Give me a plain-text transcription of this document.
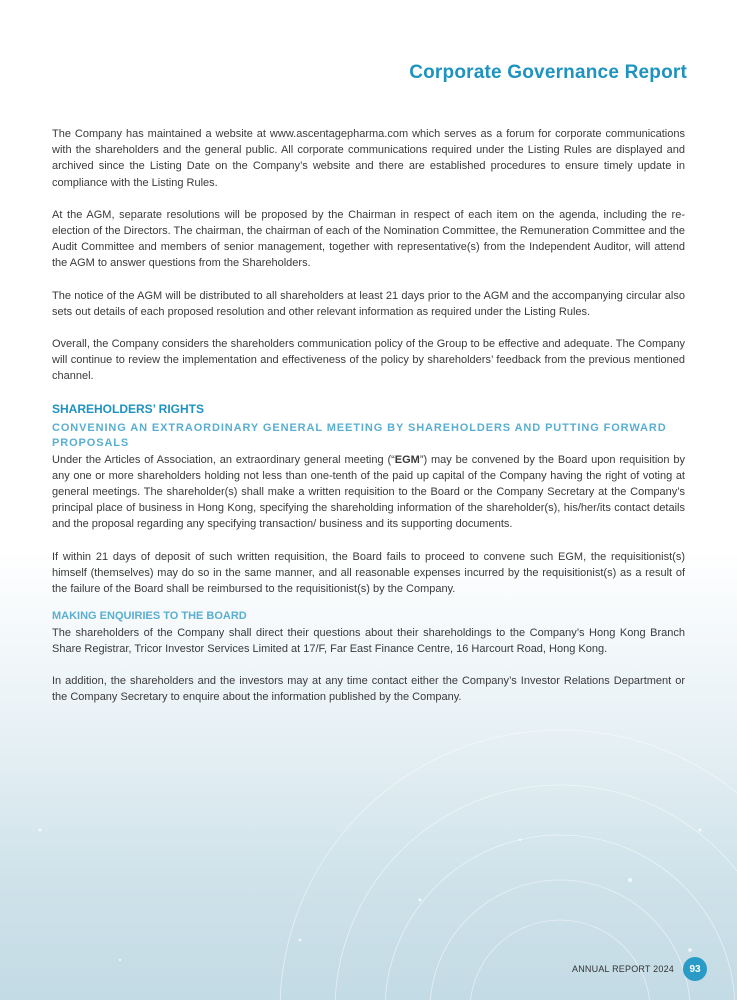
Corporate Governance Report

The Company has maintained a website at www.ascentagepharma.com which serves as a forum for corporate communications with the shareholders and the general public. All corporate communications required under the Listing Rules are displayed and archived since the Listing Date on the Company’s website and there are established procedures to ensure timely update in compliance with the Listing Rules.

At the AGM, separate resolutions will be proposed by the Chairman in respect of each item on the agenda, including the re-election of the Directors. The chairman, the chairman of each of the Nomination Committee, the Remuneration Committee and the Audit Committee and members of senior management, together with representative(s) from the Independent Auditor, will attend the AGM to answer questions from the Shareholders.

The notice of the AGM will be distributed to all shareholders at least 21 days prior to the AGM and the accompanying circular also sets out details of each proposed resolution and other relevant information as required under the Listing Rules.

Overall, the Company considers the shareholders communication policy of the Group to be effective and adequate. The Company will continue to review the implementation and effectiveness of the policy by shareholders’ feedback from the previous mentioned channel.

SHAREHOLDERS’ RIGHTS

CONVENING AN EXTRAORDINARY GENERAL MEETING BY SHAREHOLDERS AND PUTTING FORWARD PROPOSALS

Under the Articles of Association, an extraordinary general meeting (“EGM”) may be convened by the Board upon requisition by any one or more shareholders holding not less than one-tenth of the paid up capital of the Company having the right of voting at general meetings. The shareholder(s) shall make a written requisition to the Board or the Company Secretary at the Company’s principal place of business in Hong Kong, specifying the shareholding information of the shareholder(s), his/her/its contact details and the proposal regarding any specifying transaction/ business and its supporting documents.

If within 21 days of deposit of such written requisition, the Board fails to proceed to convene such EGM, the requisitionist(s) himself (themselves) may do so in the same manner, and all reasonable expenses incurred by the requisitionist(s) as a result of the failure of the Board shall be reimbursed to the requisitionist(s) by the Company.

MAKING ENQUIRIES TO THE BOARD

The shareholders of the Company shall direct their questions about their shareholdings to the Company’s Hong Kong Branch Share Registrar, Tricor Investor Services Limited at 17/F, Far East Finance Centre, 16 Harcourt Road, Hong Kong.

In addition, the shareholders and the investors may at any time contact either the Company’s Investor Relations Department or the Company Secretary to enquire about the information published by the Company.

ANNUAL REPORT 2024	93
